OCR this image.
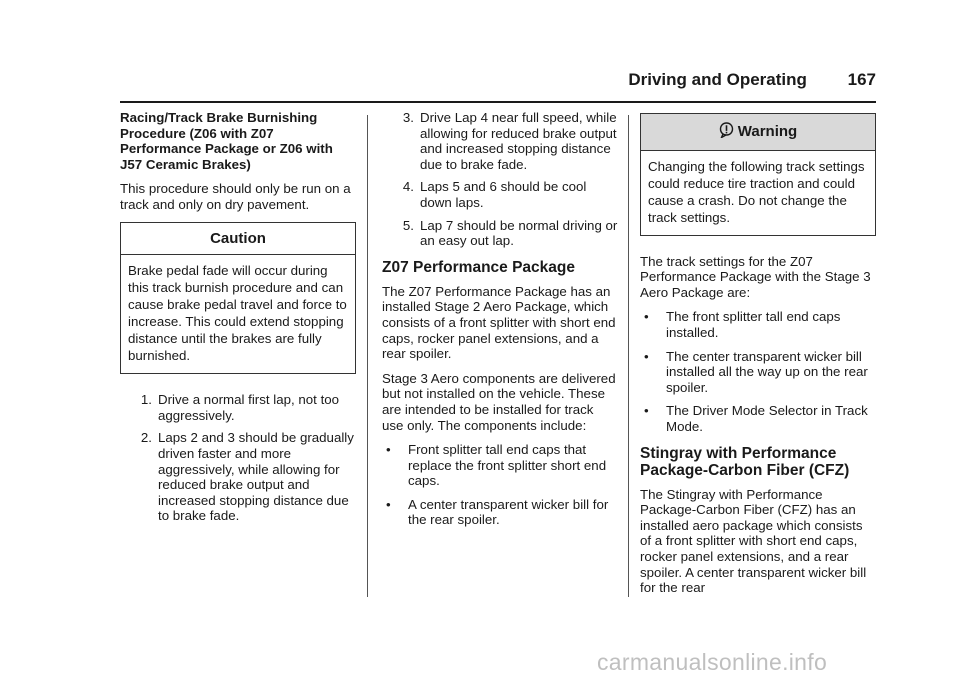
Driving and Operating 167

Racing/Track Brake Burnishing Procedure (Z06 with Z07 Performance Package or Z06 with J57 Ceramic Brakes)

This procedure should only be run on a track and only on dry pavement.

Caution
Brake pedal fade will occur during this track burnish procedure and can cause brake pedal travel and force to increase. This could extend stopping distance until the brakes are fully burnished.
1. Drive a normal first lap, not too aggressively.
2. Laps 2 and 3 should be gradually driven faster and more aggressively, while allowing for reduced brake output and increased stopping distance due to brake fade.
3. Drive Lap 4 near full speed, while allowing for reduced brake output and increased stopping distance due to brake fade.
4. Laps 5 and 6 should be cool down laps.
5. Lap 7 should be normal driving or an easy out lap.
Z07 Performance Package

The Z07 Performance Package has an installed Stage 2 Aero Package, which consists of a front splitter with short end caps, rocker panel extensions, and a rear spoiler.

Stage 3 Aero components are delivered but not installed on the vehicle. These are intended to be installed for track use only. The components include:

•	Front splitter tall end caps that replace the front splitter short end caps.
•	A center transparent wicker bill for the rear spoiler.
Warning
Changing the following track settings could reduce tire traction and could cause a crash. Do not change the track settings.

The track settings for the Z07 Performance Package with the Stage 3 Aero Package are:

•	The front splitter tall end caps installed.
•	The center transparent wicker bill installed all the way up on the rear spoiler.
•	The Driver Mode Selector in Track Mode.
Stingray with Performance Package-Carbon Fiber (CFZ)

The Stingray with Performance Package-Carbon Fiber (CFZ) has an installed aero package which consists of a front splitter with short end caps, rocker panel extensions, and a rear spoiler. A center transparent wicker bill for the rear

carmanualsonline.info
